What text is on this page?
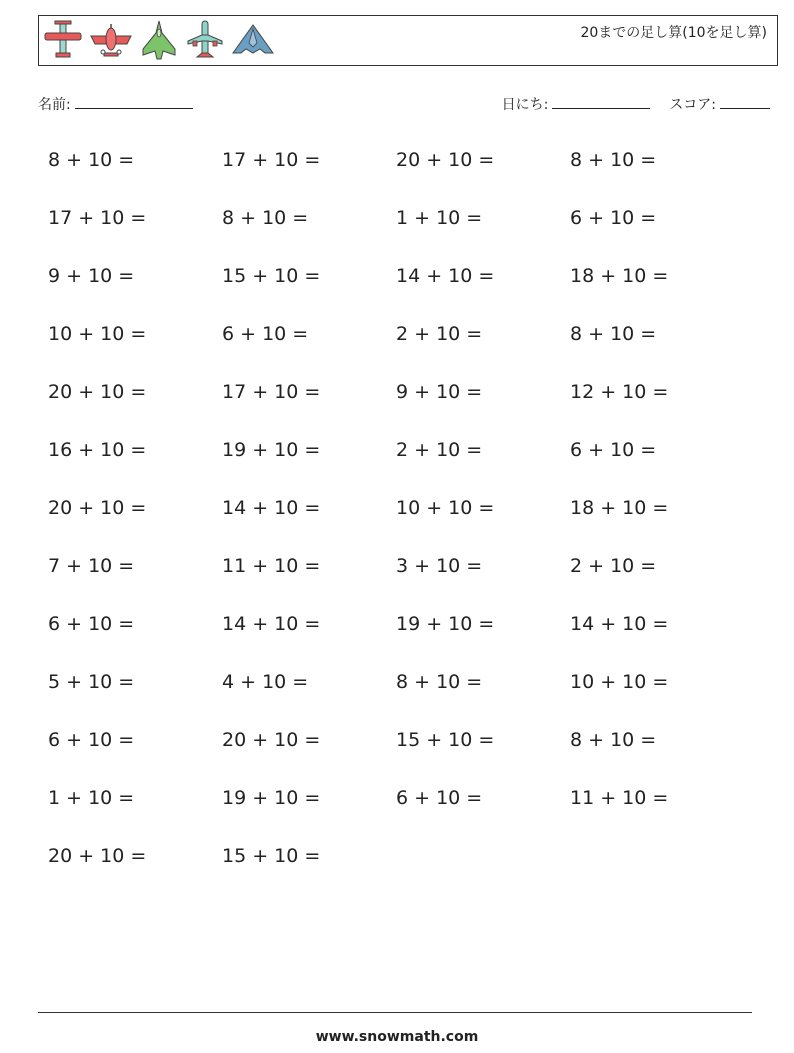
20までの足し算(10を足し算)
名前:	日にち:	スコア:
8 + 10 =	17 + 10 =	20 + 10 =	8 + 10 =
17 + 10 =	8 + 10 =	1 + 10 =	6 + 10 =
9 + 10 =	15 + 10 =	14 + 10 =	18 + 10 =
10 + 10 =	6 + 10 =	2 + 10 =	8 + 10 =
20 + 10 =	17 + 10 =	9 + 10 =	12 + 10 =
16 + 10 =	19 + 10 =	2 + 10 =	6 + 10 =
20 + 10 =	14 + 10 =	10 + 10 =	18 + 10 =
7 + 10 =	11 + 10 =	3 + 10 =	2 + 10 =
6 + 10 =	14 + 10 =	19 + 10 =	14 + 10 =
5 + 10 =	4 + 10 =	8 + 10 =	10 + 10 =
6 + 10 =	20 + 10 =	15 + 10 =	8 + 10 =
1 + 10 =	19 + 10 =	6 + 10 =	11 + 10 =
20 + 10 =	15 + 10 =
www.snowmath.com
